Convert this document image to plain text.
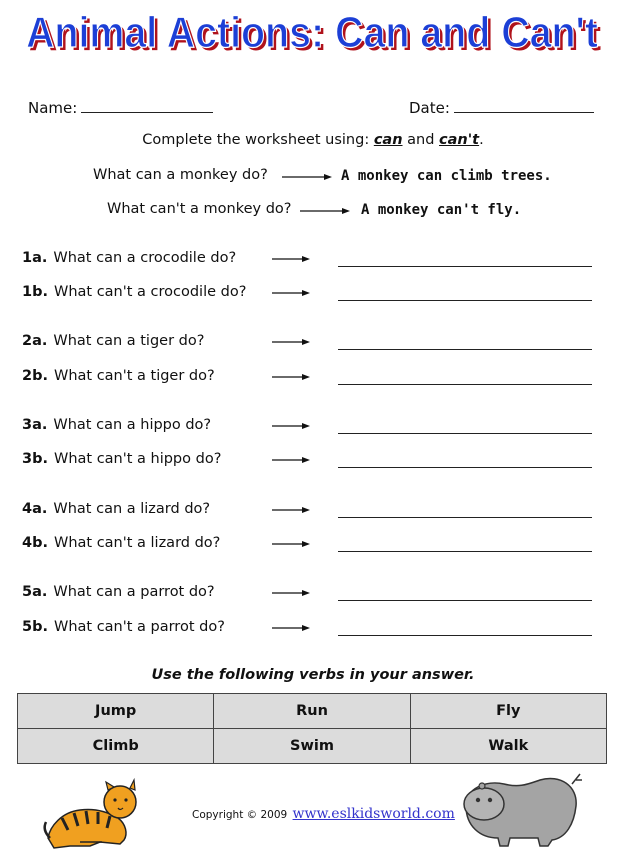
Animal Actions: Can and Can't
Animal Actions: Can and Can't
Name:	Date:
Complete the worksheet using: can and can't.
What can a monkey do?	A monkey can climb trees.
What can't a monkey do?	A monkey can't fly.
1a. What can a crocodile do?
1b. What can't a crocodile do?
2a. What can a tiger do?
2b. What can't a tiger do?
3a. What can a hippo do?
3b. What can't a hippo do?
4a. What can a lizard do?
4b. What can't a lizard do?
5a. What can a parrot do?
5b. What can't a parrot do?
Use the following verbs in your answer.
Jump	Run	Fly
Climb	Swim	Walk
Copyright © 2009 www.eslkidsworld.com
